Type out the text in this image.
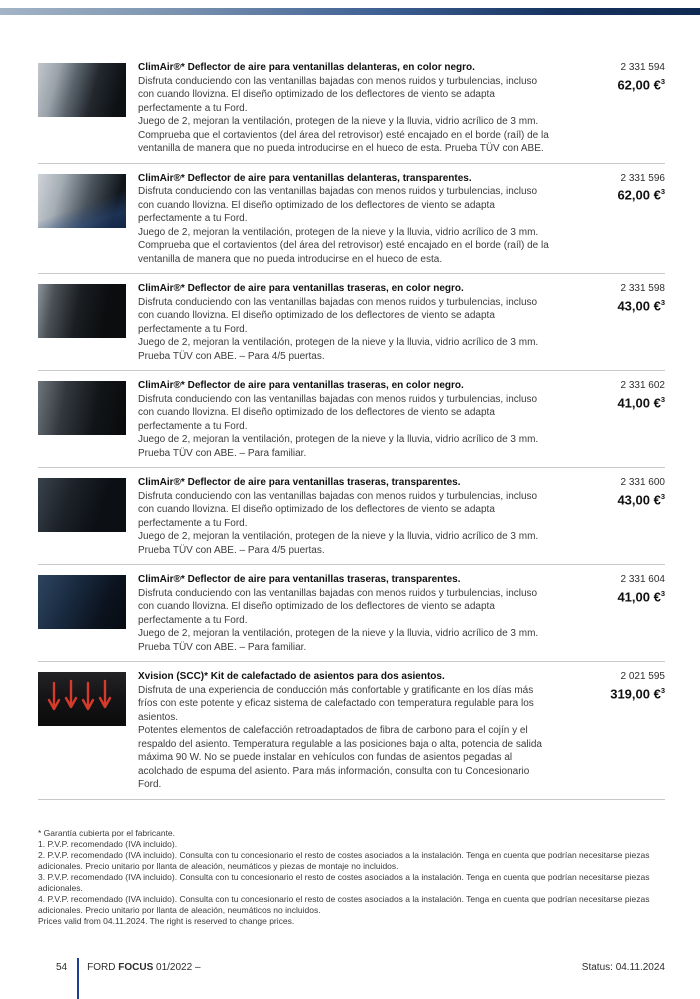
ClimAir®* Deflector de aire para ventanillas delanteras, en color negro.

Disfruta conduciendo con las ventanillas bajadas con menos ruidos y turbulencias, incluso con cuando llovizna. El diseño optimizado de los deflectores de viento se adapta perfectamente a tu Ford.

Juego de 2, mejoran la ventilación, protegen de la nieve y la lluvia, vidrio acrílico de 3 mm. Comprueba que el cortavientos (del área del retrovisor) esté encajado en el borde (raíl) de la ventanilla de manera que no pueda introducirse en el hueco de esta. Prueba TÜV con ABE.

2 331 594
62,00 €$^3$
ClimAir®* Deflector de aire para ventanillas delanteras, transparentes.

Disfruta conduciendo con las ventanillas bajadas con menos ruidos y turbulencias, incluso con cuando llovizna. El diseño optimizado de los deflectores de viento se adapta perfectamente a tu Ford.

Juego de 2, mejoran la ventilación, protegen de la nieve y la lluvia, vidrio acrílico de 3 mm. Comprueba que el cortavientos (del área del retrovisor) esté encajado en el borde (raíl) de la ventanilla de manera que no pueda introducirse en el hueco de esta.

2 331 596
62,00 €$^3$
ClimAir®* Deflector de aire para ventanillas traseras, en color negro.

Disfruta conduciendo con las ventanillas bajadas con menos ruidos y turbulencias, incluso con cuando llovizna. El diseño optimizado de los deflectores de viento se adapta perfectamente a tu Ford.

Juego de 2, mejoran la ventilación, protegen de la nieve y la lluvia, vidrio acrílico de 3 mm. Prueba TÜV con ABE. – Para 4/5 puertas.

2 331 598
43,00 €$^3$
ClimAir®* Deflector de aire para ventanillas traseras, en color negro.

Disfruta conduciendo con las ventanillas bajadas con menos ruidos y turbulencias, incluso con cuando llovizna. El diseño optimizado de los deflectores de viento se adapta perfectamente a tu Ford.

Juego de 2, mejoran la ventilación, protegen de la nieve y la lluvia, vidrio acrílico de 3 mm. Prueba TÜV con ABE. – Para familiar.

2 331 602
41,00 €$^3$
ClimAir®* Deflector de aire para ventanillas traseras, transparentes.

Disfruta conduciendo con las ventanillas bajadas con menos ruidos y turbulencias, incluso con cuando llovizna. El diseño optimizado de los deflectores de viento se adapta perfectamente a tu Ford.

Juego de 2, mejoran la ventilación, protegen de la nieve y la lluvia, vidrio acrílico de 3 mm. Prueba TÜV con ABE. – Para 4/5 puertas.

2 331 600
43,00 €$^3$
ClimAir®* Deflector de aire para ventanillas traseras, transparentes.

Disfruta conduciendo con las ventanillas bajadas con menos ruidos y turbulencias, incluso con cuando llovizna. El diseño optimizado de los deflectores de viento se adapta perfectamente a tu Ford.

Juego de 2, mejoran la ventilación, protegen de la nieve y la lluvia, vidrio acrílico de 3 mm. Prueba TÜV con ABE. – Para familiar.

2 331 604
41,00 €$^3$
Xvision (SCC)* Kit de calefactado de asientos para dos asientos.

Disfruta de una experiencia de conducción más confortable y gratificante en los días más fríos con este potente y eficaz sistema de calefactado con temperatura regulable para los asientos.

Potentes elementos de calefacción retroadaptados de fibra de carbono para el cojín y el respaldo del asiento. Temperatura regulable a las posiciones baja o alta, potencia de salida máxima 90 W. No se puede instalar en vehículos con fundas de asientos pegadas al acolchado de espuma del asiento. Para más información, consulta con tu Concesionario Ford.

2 021 595
319,00 €$^3$

* Garantía cubierta por el fabricante.

1. P.V.P. recomendado (IVA incluido).

2. P.V.P. recomendado (IVA incluido). Consulta con tu concesionario el resto de costes asociados a la instalación. Tenga en cuenta que podrían necesitarse piezas adicionales. Precio unitario por llanta de aleación, neumáticos y piezas de montaje no incluidos.

3. P.V.P. recomendado (IVA incluido). Consulta con tu concesionario el resto de costes asociados a la instalación. Tenga en cuenta que podrían necesitarse piezas adicionales.

4. P.V.P. recomendado (IVA incluido). Consulta con tu concesionario el resto de costes asociados a la instalación. Tenga en cuenta que podrían necesitarse piezas adicionales. Precio unitario por llanta de aleación, neumáticos no incluidos.

Prices valid from 04.11.2024. The right is reserved to change prices.

54 FORD FOCUS 01/2022 –	Status: 04.11.2024
